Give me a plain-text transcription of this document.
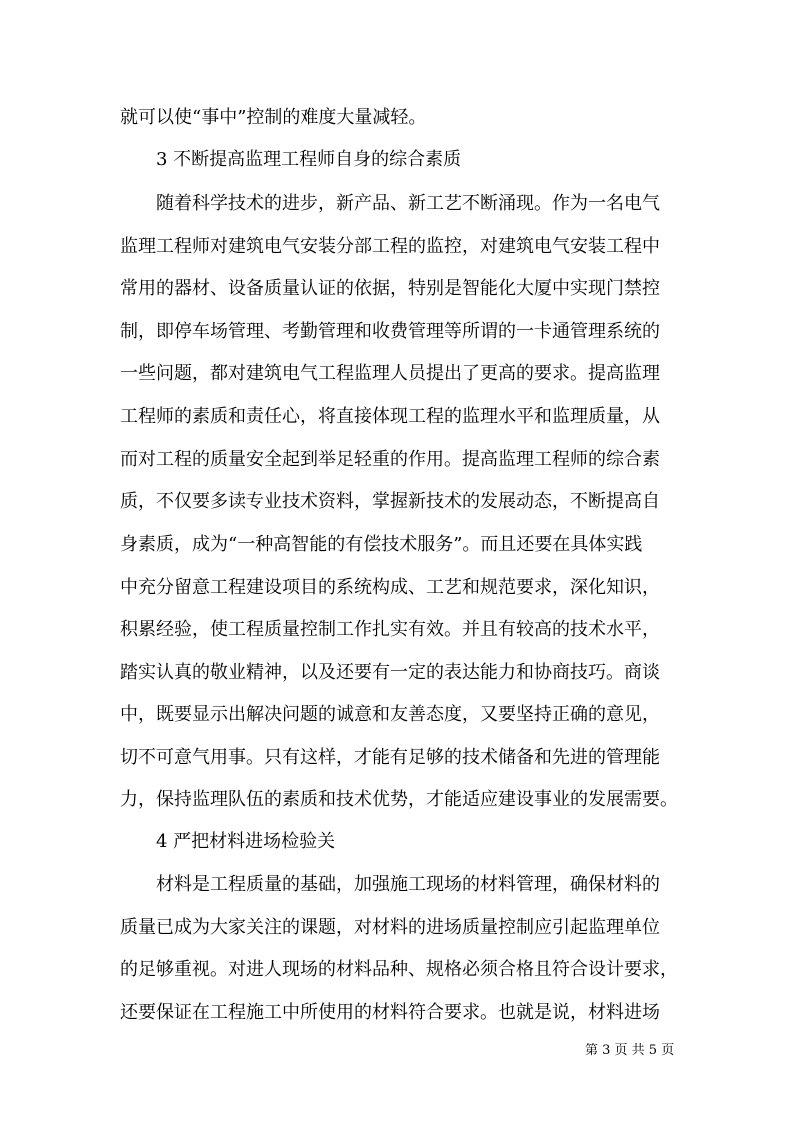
就可以使“事中”控制的难度大量减轻。

3 不断提高监理工程师自身的综合素质

随着科学技术的进步，新产品、新工艺不断涌现。作为一名电气

监理工程师对建筑电气安装分部工程的监控，对建筑电气安装工程中

常用的器材、设备质量认证的依据，特别是智能化大厦中实现门禁控

制，即停车场管理、考勤管理和收费管理等所谓的一卡通管理系统的

一些问题，都对建筑电气工程监理人员提出了更高的要求。提高监理

工程师的素质和责任心，将直接体现工程的监理水平和监理质量，从

而对工程的质量安全起到举足轻重的作用。提高监理工程师的综合素

质，不仅要多读专业技术资料，掌握新技术的发展动态，不断提高自

身素质，成为“一种高智能的有偿技术服务”。而且还要在具体实践

中充分留意工程建设项目的系统构成、工艺和规范要求，深化知识，

积累经验，使工程质量控制工作扎实有效。并且有较高的技术水平，

踏实认真的敬业精神，以及还要有一定的表达能力和协商技巧。商谈

中，既要显示出解决问题的诚意和友善态度，又要坚持正确的意见，

切不可意气用事。只有这样，才能有足够的技术储备和先进的管理能

力，保持监理队伍的素质和技术优势，才能适应建设事业的发展需要。

4 严把材料进场检验关

材料是工程质量的基础，加强施工现场的材料管理，确保材料的

质量已成为大家关注的课题，对材料的进场质量控制应引起监理单位

的足够重视。对进人现场的材料品种、规格必须合格且符合设计要求，

还要保证在工程施工中所使用的材料符合要求。也就是说，材料进场

第 3 页 共 5 页
